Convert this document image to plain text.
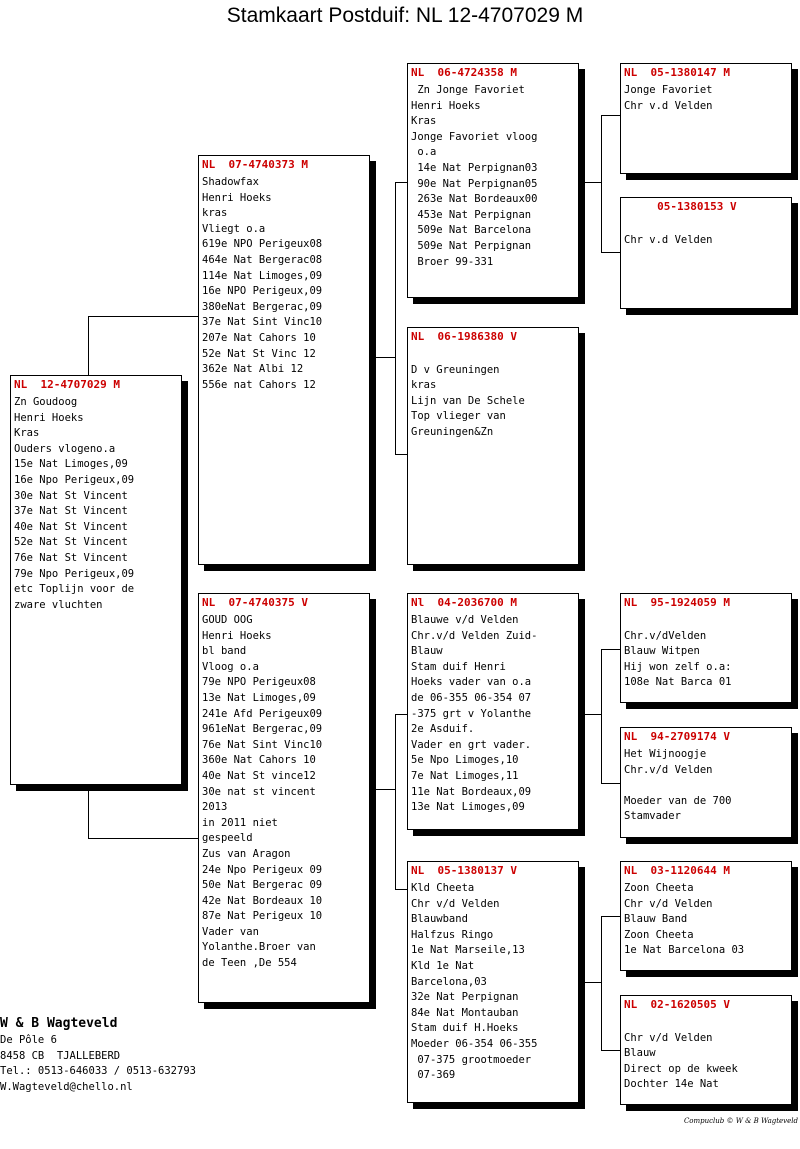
Stamkaart Postduif: NL 12-4707029 M
NL  12-4707029 M
Zn Goudoog
Henri Hoeks
Kras
Ouders vlogeno.a
15e Nat Limoges,09
16e Npo Perigeux,09
30e Nat St Vincent
37e Nat St Vincent
40e Nat St Vincent
52e Nat St Vincent
76e Nat St Vincent
79e Npo Perigeux,09
etc Toplijn voor de
zware vluchten
NL  07-4740373 M
Shadowfax
Henri Hoeks
kras
Vliegt o.a
619e NPO Perigeux08
464e Nat Bergerac08
114e Nat Limoges,09
16e NPO Perigeux,09
380eNat Bergerac,09
37e Nat Sint Vinc10
207e Nat Cahors 10
52e Nat St Vinc 12
362e Nat Albi 12
556e nat Cahors 12
NL  07-4740375 V
GOUD OOG
Henri Hoeks
bl band
Vloog o.a
79e NPO Perigeux08
13e Nat Limoges,09
241e Afd Perigeux09
961eNat Bergerac,09
76e Nat Sint Vinc10
360e Nat Cahors 10
40e Nat St vince12
30e nat st vincent
2013
in 2011 niet
gespeeld
Zus van Aragon
24e Npo Perigeux 09
50e Nat Bergerac 09
42e Nat Bordeaux 10
87e Nat Perigeux 10
Vader van
Yolanthe.Broer van
de Teen ,De 554
NL  06-4724358 M
Zn Jonge Favoriet
Henri Hoeks
Kras
Jonge Favoriet vloog
o.a
14e Nat Perpignan03
90e Nat Perpignan05
263e Nat Bordeaux00
453e Nat Perpignan
509e Nat Barcelona
509e Nat Perpignan
Broer 99-331
NL  06-1986380 V
D v Greuningen
kras
Lijn van De Schele
Top vlieger van
Greuningen&Zn
Nl  04-2036700 M
Blauwe v/d Velden
Chr.v/d Velden Zuid-
Blauw
Stam duif Henri
Hoeks vader van o.a
de 06-355 06-354 07
-375 grt v Yolanthe
2e Asduif.
Vader en grt vader.
5e Npo Limoges,10
7e Nat Limoges,11
11e Nat Bordeaux,09
13e Nat Limoges,09
NL  05-1380137 V
Kld Cheeta
Chr v/d Velden
Blauwband
Halfzus Ringo
1e Nat Marseile,13
Kld 1e Nat
Barcelona,03
32e Nat Perpignan
84e Nat Montauban
Stam duif H.Hoeks
Moeder 06-354 06-355
07-375 grootmoeder
07-369
NL  05-1380147 M
Jonge Favoriet
Chr v.d Velden
05-1380153 V
Chr v.d Velden
NL  95-1924059 M
Chr.v/dVelden
Blauw Witpen
Hij won zelf o.a:
108e Nat Barca 01
NL  94-2709174 V
Het Wijnoogje
Chr.v/d Velden
Moeder van de 700
Stamvader
NL  03-1120644 M
Zoon Cheeta
Chr v/d Velden
Blauw Band
Zoon Cheeta
1e Nat Barcelona 03
NL  02-1620505 V
Chr v/d Velden
Blauw
Direct op de kweek
Dochter 14e Nat
W & B Wagteveld
De Pôle 6
8458 CB  TJALLEBERD
Tel.: 0513-646033 / 0513-632793
W.Wagteveld@chello.nl
Compuclub © W & B Wagteveld
